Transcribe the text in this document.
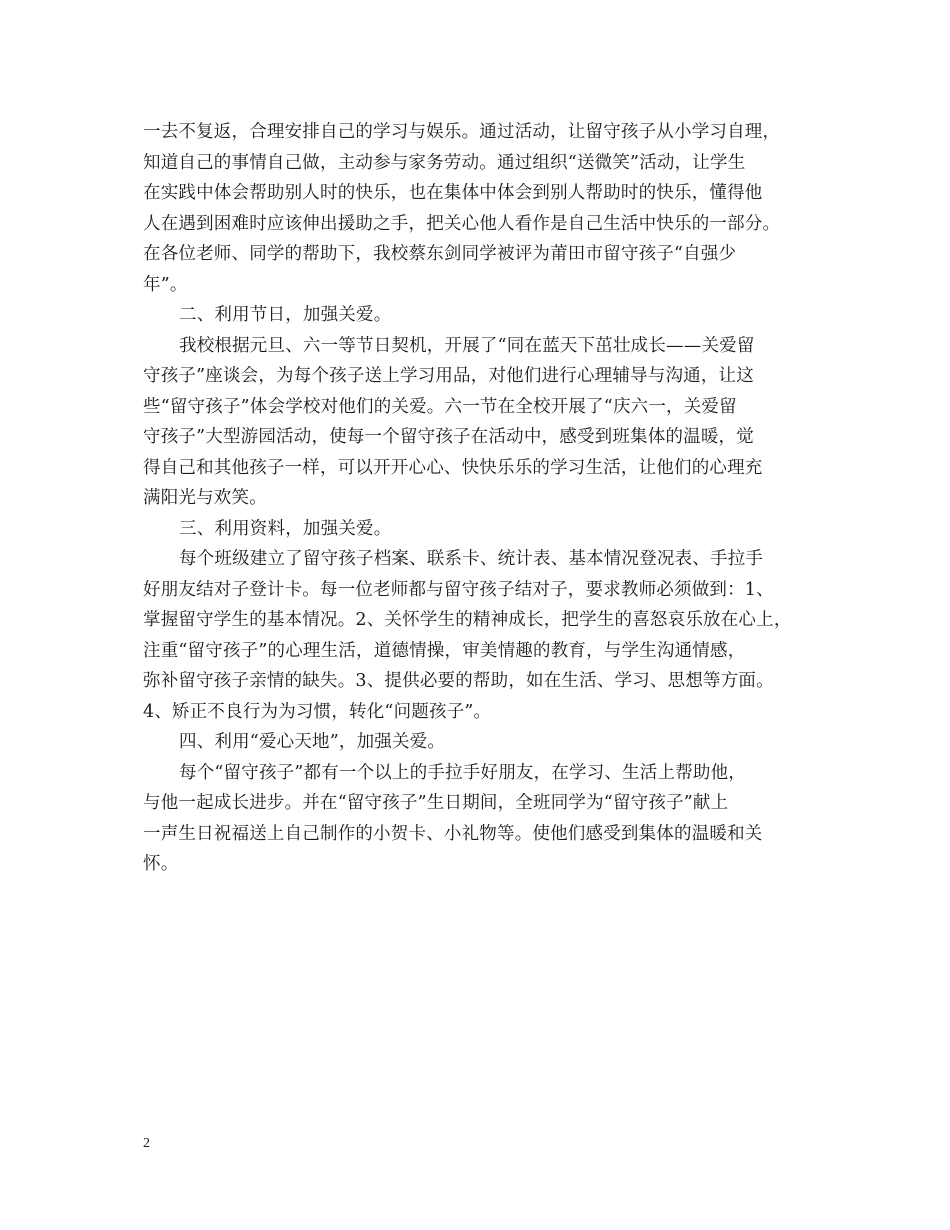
一去不复返，合理安排自己的学习与娱乐。通过活动，让留守孩子从小学习自理，
知道自己的事情自己做，主动参与家务劳动。通过组织“送微笑”活动，让学生
在实践中体会帮助别人时的快乐，也在集体中体会到别人帮助时的快乐，懂得他
人在遇到困难时应该伸出援助之手，把关心他人看作是自己生活中快乐的一部分。
在各位老师、同学的帮助下，我校蔡东剑同学被评为莆田市留守孩子“自强少
年”。
二、利用节日，加强关爱。
我校根据元旦、六一等节日契机，开展了“同在蓝天下茁壮成长——关爱留
守孩子”座谈会，为每个孩子送上学习用品，对他们进行心理辅导与沟通，让这
些“留守孩子”体会学校对他们的关爱。六一节在全校开展了“庆六一，关爱留
守孩子”大型游园活动，使每一个留守孩子在活动中，感受到班集体的温暖，觉
得自己和其他孩子一样，可以开开心心、快快乐乐的学习生活，让他们的心理充
满阳光与欢笑。
三、利用资料，加强关爱。
每个班级建立了留守孩子档案、联系卡、统计表、基本情况登况表、手拉手
好朋友结对子登计卡。每一位老师都与留守孩子结对子，要求教师必须做到：1、
掌握留守学生的基本情况。2、关怀学生的精神成长，把学生的喜怒哀乐放在心上，
注重“留守孩子”的心理生活，道德情操，审美情趣的教育，与学生沟通情感，
弥补留守孩子亲情的缺失。3、提供必要的帮助，如在生活、学习、思想等方面。
4、矫正不良行为为习惯，转化“问题孩子”。
四、利用“爱心天地”，加强关爱。
每个“留守孩子”都有一个以上的手拉手好朋友，在学习、生活上帮助他，
与他一起成长进步。并在“留守孩子”生日期间，全班同学为“留守孩子”献上
一声生日祝福送上自己制作的小贺卡、小礼物等。使他们感受到集体的温暖和关
怀。
2
